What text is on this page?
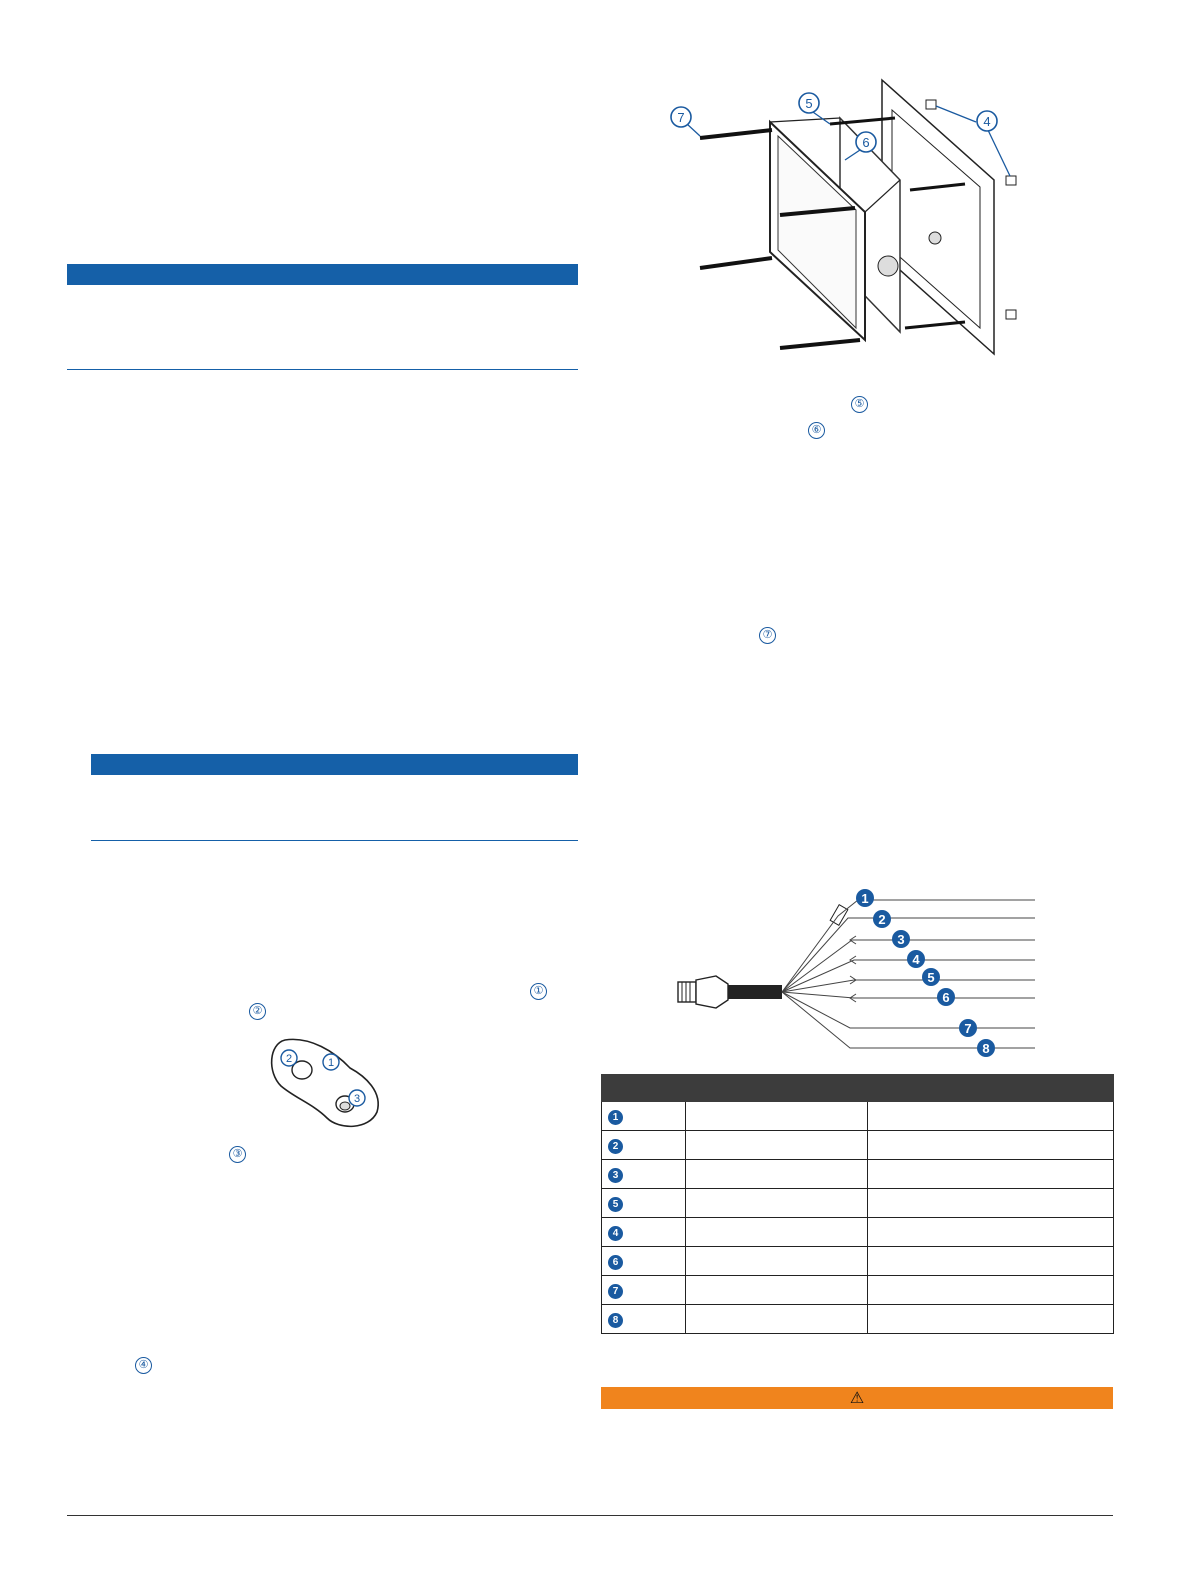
⑤
⑥
⑦
①
②
③
④
7
5
6
4
2	1
3
1
2
3
4
5
6
7
8

1		
2		
3		
5		
4		
6		
7		
8		
⚠
